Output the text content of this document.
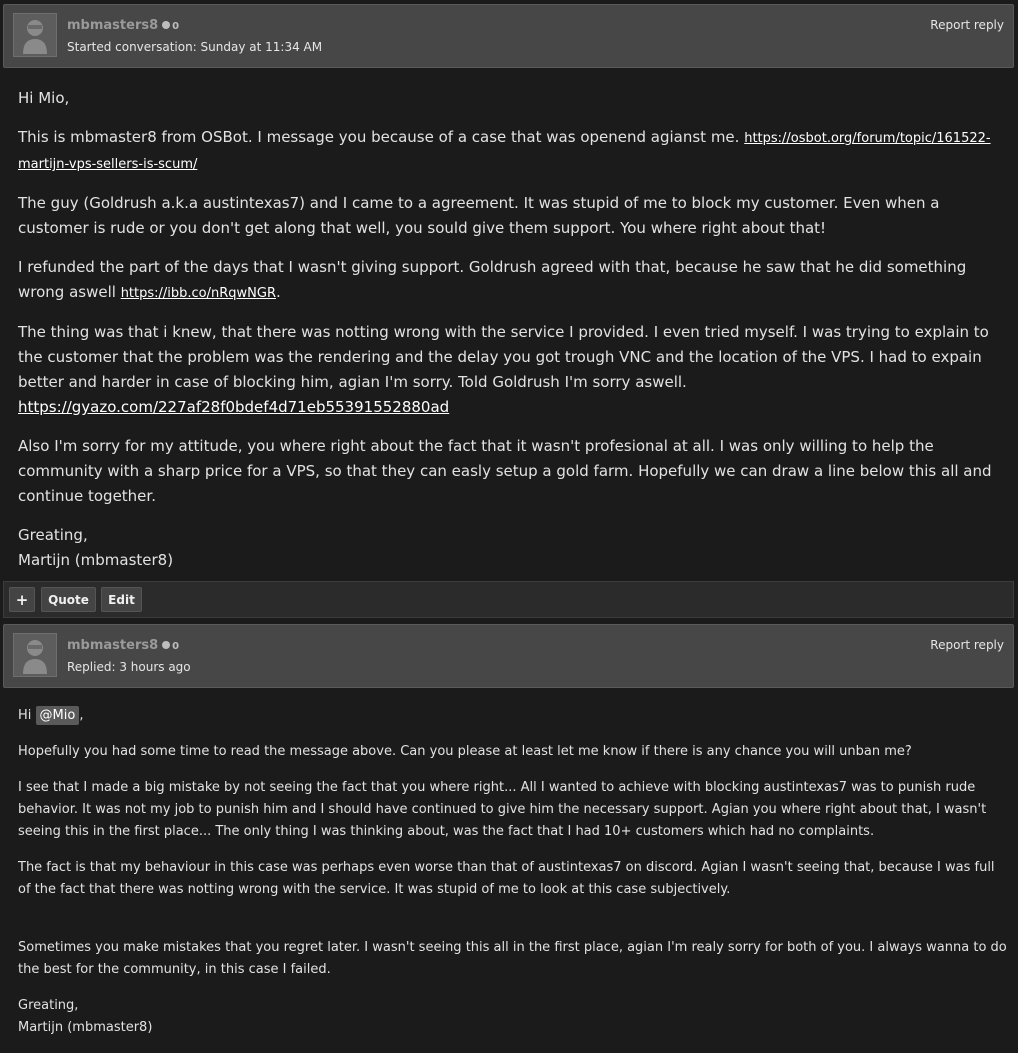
mbmasters8 0
Started conversation: Sunday at 11:34 AM
Report reply

Hi Mio,

This is mbmaster8 from OSBot. I message you because of a case that was openend agianst me. https://osbot.org/forum/topic/161522-martijn-vps-sellers-is-scum/

The guy (Goldrush a.k.a austintexas7) and I came to a agreement. It was stupid of me to block my customer. Even when a customer is rude or you don't get along that well, you sould give them support. You where right about that!

I refunded the part of the days that I wasn't giving support. Goldrush agreed with that, because he saw that he did something wrong aswell https://ibb.co/nRqwNGR.

The thing was that i knew, that there was notting wrong with the service I provided. I even tried myself. I was trying to explain to the customer that the problem was the rendering and the delay you got trough VNC and the location of the VPS. I had to expain better and harder in case of blocking him, agian I'm sorry. Told Goldrush I'm sorry aswell. https://gyazo.com/227af28f0bdef4d71eb55391552880ad

Also I'm sorry for my attitude, you where right about the fact that it wasn't profesional at all. I was only willing to help the community with a sharp price for a VPS, so that they can easly setup a gold farm. Hopefully we can draw a line below this all and continue together.

Greating,
Martijn (mbmaster8)

+	Quote	Edit
mbmasters8 0
Replied: 3 hours ago
Report reply

Hi @Mio ,

Hopefully you had some time to read the message above. Can you please at least let me know if there is any chance you will unban me?

I see that I made a big mistake by not seeing the fact that you where right... All I wanted to achieve with blocking austintexas7 was to punish rude behavior. It was not my job to punish him and I should have continued to give him the necessary support. Agian you where right about that, I wasn't seeing this in the first place... The only thing I was thinking about, was the fact that I had 10+ customers which had no complaints.

The fact is that my behaviour in this case was perhaps even worse than that of austintexas7 on discord. Agian I wasn't seeing that, because I was full of the fact that there was notting wrong with the service. It was stupid of me to look at this case subjectively.

Sometimes you make mistakes that you regret later. I wasn't seeing this all in the first place, agian I'm realy sorry for both of you. I always wanna to do the best for the community, in this case I failed.

Greating,
Martijn (mbmaster8)
